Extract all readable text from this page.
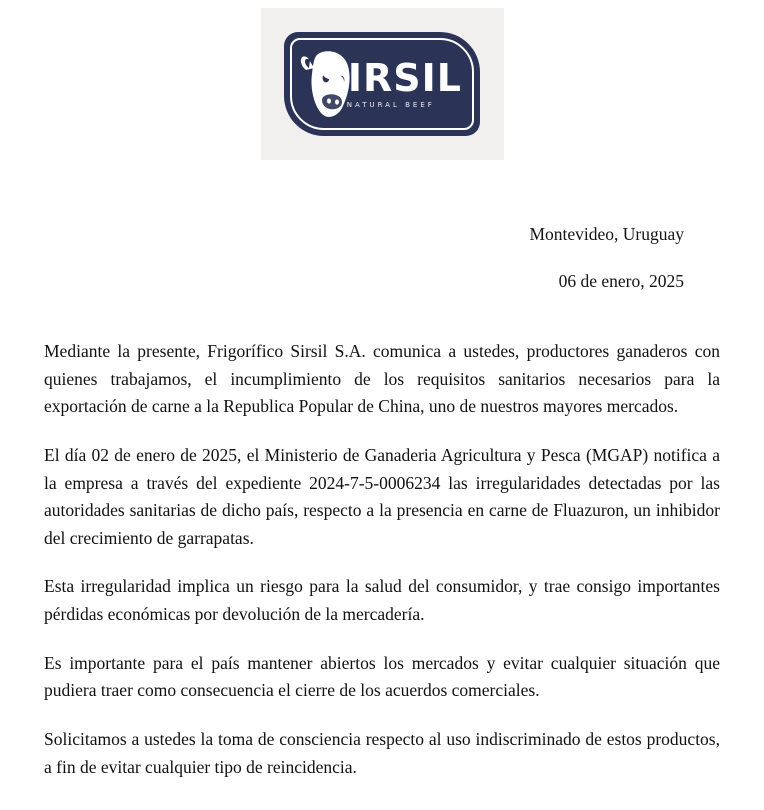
SIRSIL
NATURAL BEEF
Montevideo, Uruguay
06 de enero, 2025

Mediante la presente, Frigorífico Sirsil S.A. comunica a ustedes, productores ganaderos con quienes trabajamos, el incumplimiento de los requisitos sanitarios necesarios para la exportación de carne a la Republica Popular de China, uno de nuestros mayores mercados.

El día 02 de enero de 2025, el Ministerio de Ganaderia Agricultura y Pesca (MGAP) notifica a la empresa a través del expediente 2024-7-5-0006234 las irregularidades detectadas por las autoridades sanitarias de dicho país, respecto a la presencia en carne de Fluazuron, un inhibidor del crecimiento de garrapatas.

Esta irregularidad implica un riesgo para la salud del consumidor, y trae consigo importantes pérdidas económicas por devolución de la mercadería.

Es importante para el país mantener abiertos los mercados y evitar cualquier situación que pudiera traer como consecuencia el cierre de los acuerdos comerciales.

Solicitamos a ustedes la toma de consciencia respecto al uso indiscriminado de estos productos, a fin de evitar cualquier tipo de reincidencia.
